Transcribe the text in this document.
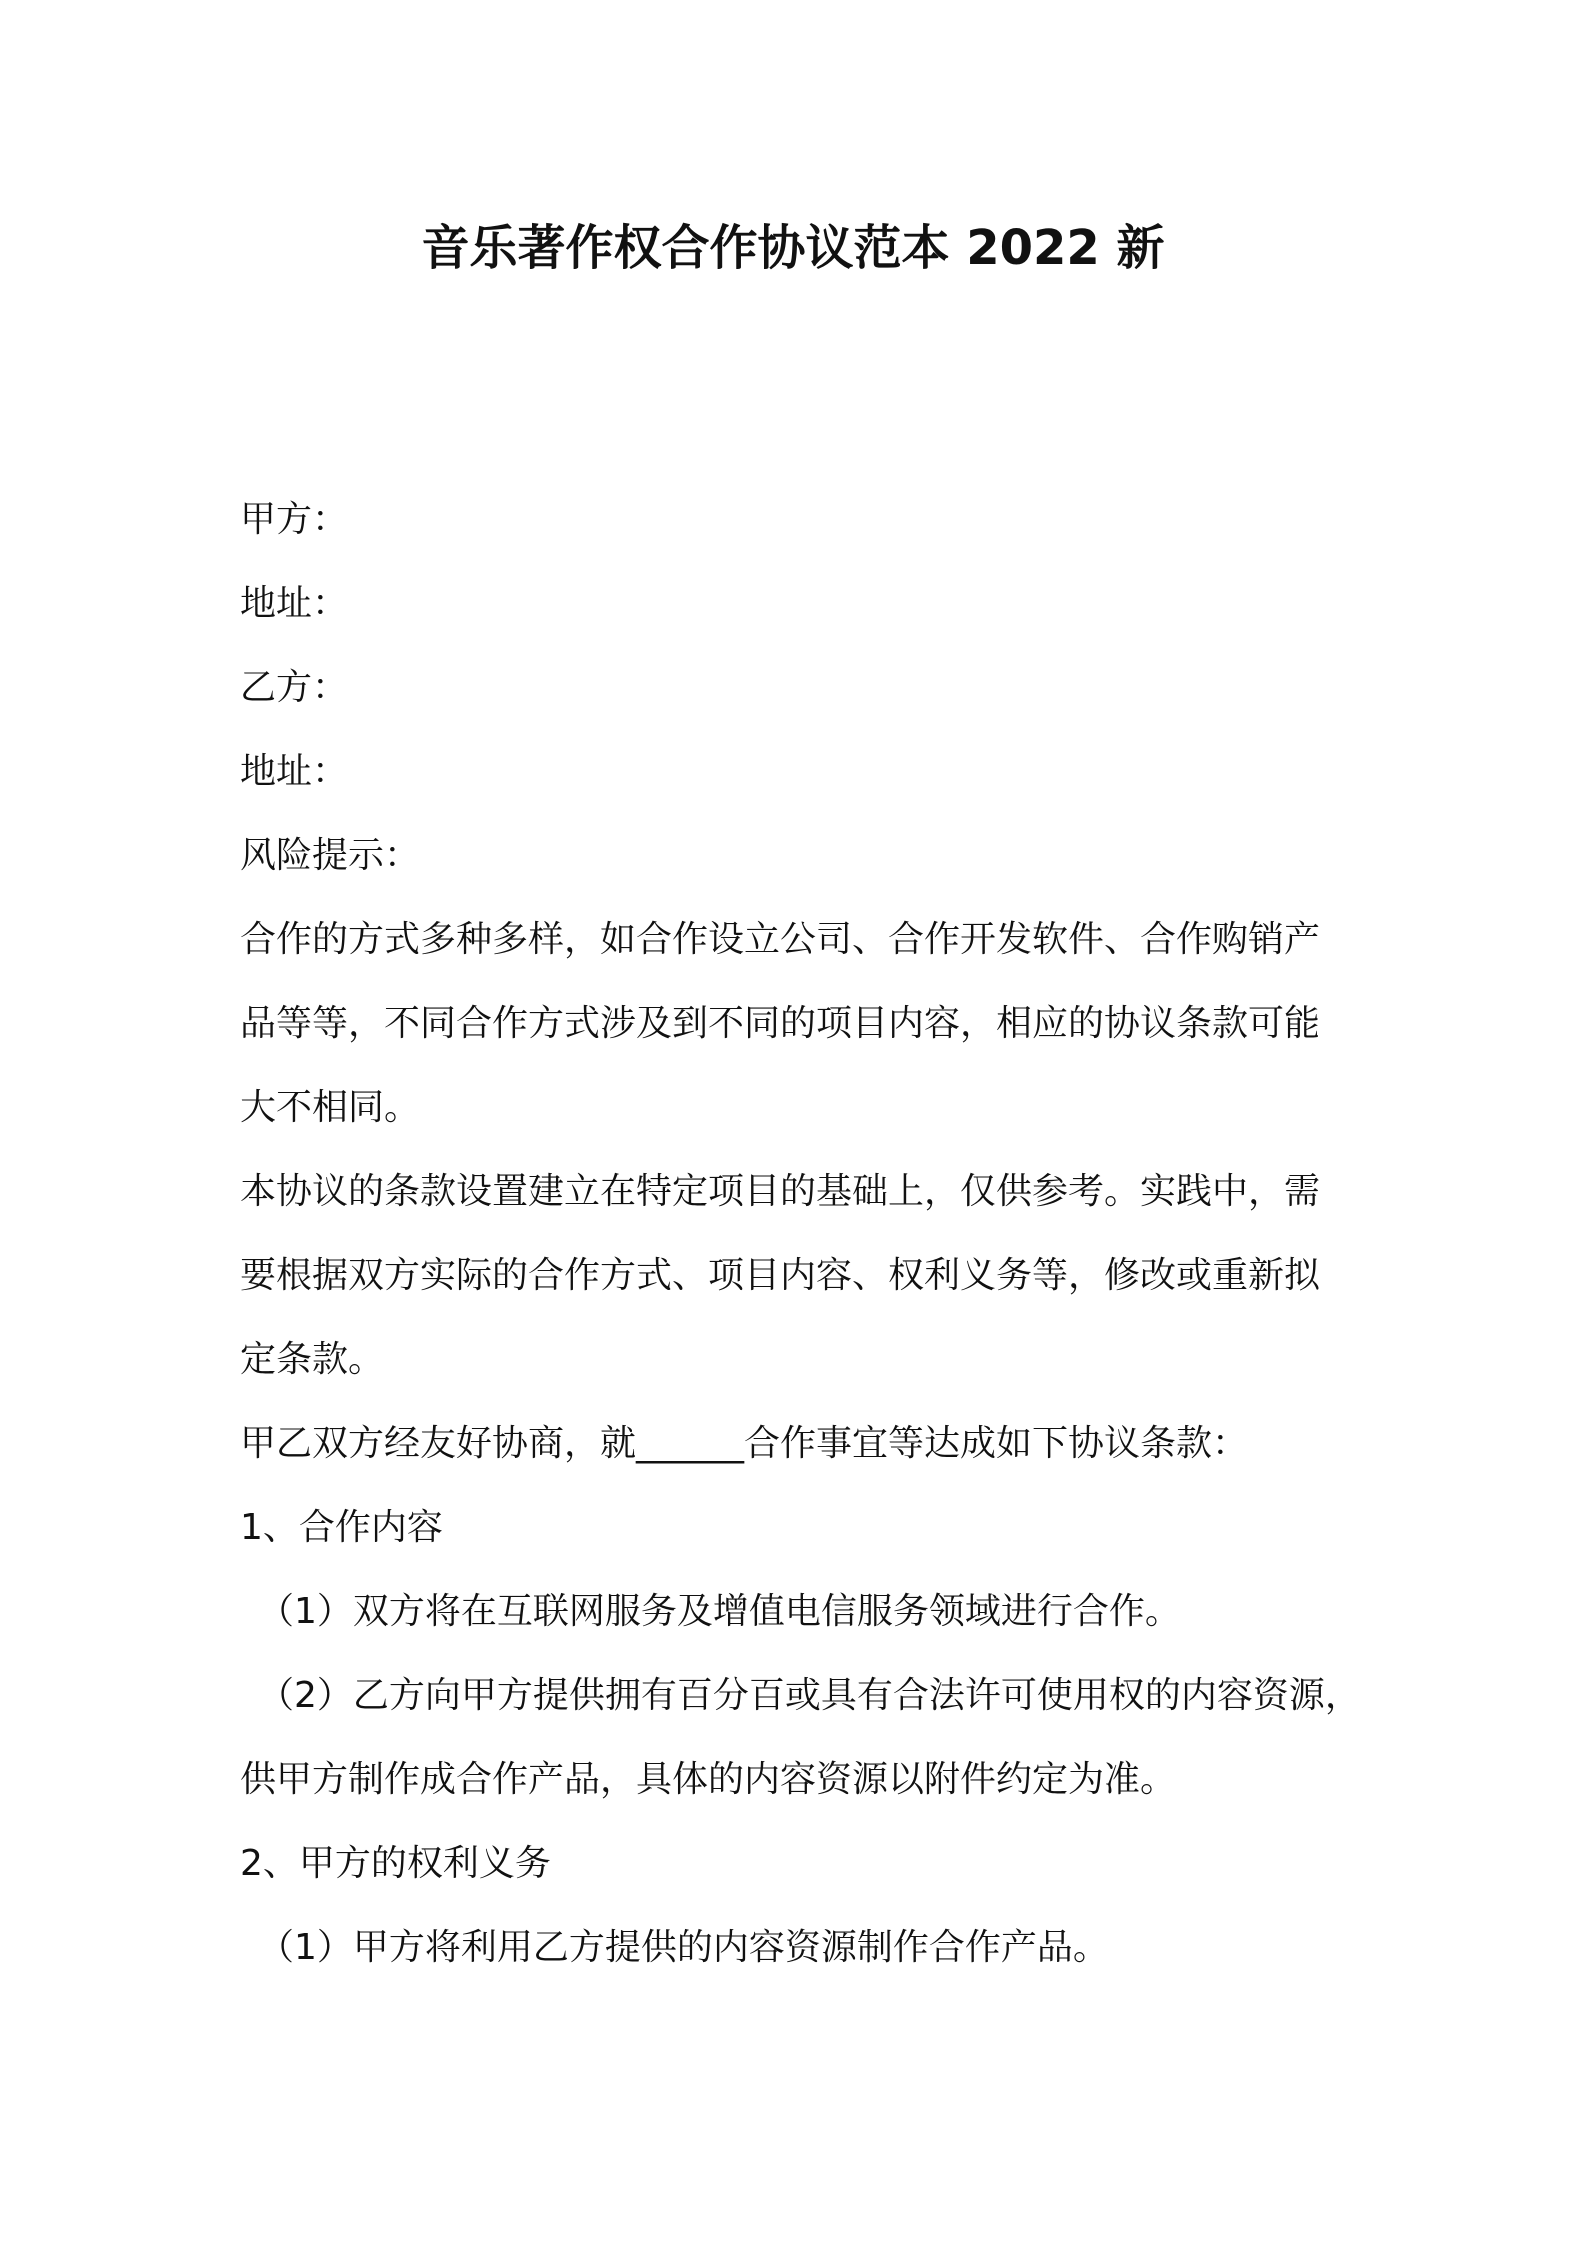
音乐著作权合作协议范本 2022 新

甲方：

地址：

乙方：

地址：

风险提示：

合作的方式多种多样，如合作设立公司、合作开发软件、合作购销产

品等等，不同合作方式涉及到不同的项目内容，相应的协议条款可能

大不相同。

本协议的条款设置建立在特定项目的基础上，仅供参考。实践中，需

要根据双方实际的合作方式、项目内容、权利义务等，修改或重新拟

定条款。

甲乙双方经友好协商，就______合作事宜等达成如下协议条款：

1、合作内容

（1）双方将在互联网服务及增值电信服务领域进行合作。

（2）乙方向甲方提供拥有百分百或具有合法许可使用权的内容资源，

供甲方制作成合作产品，具体的内容资源以附件约定为准。

2、甲方的权利义务

（1）甲方将利用乙方提供的内容资源制作合作产品。
